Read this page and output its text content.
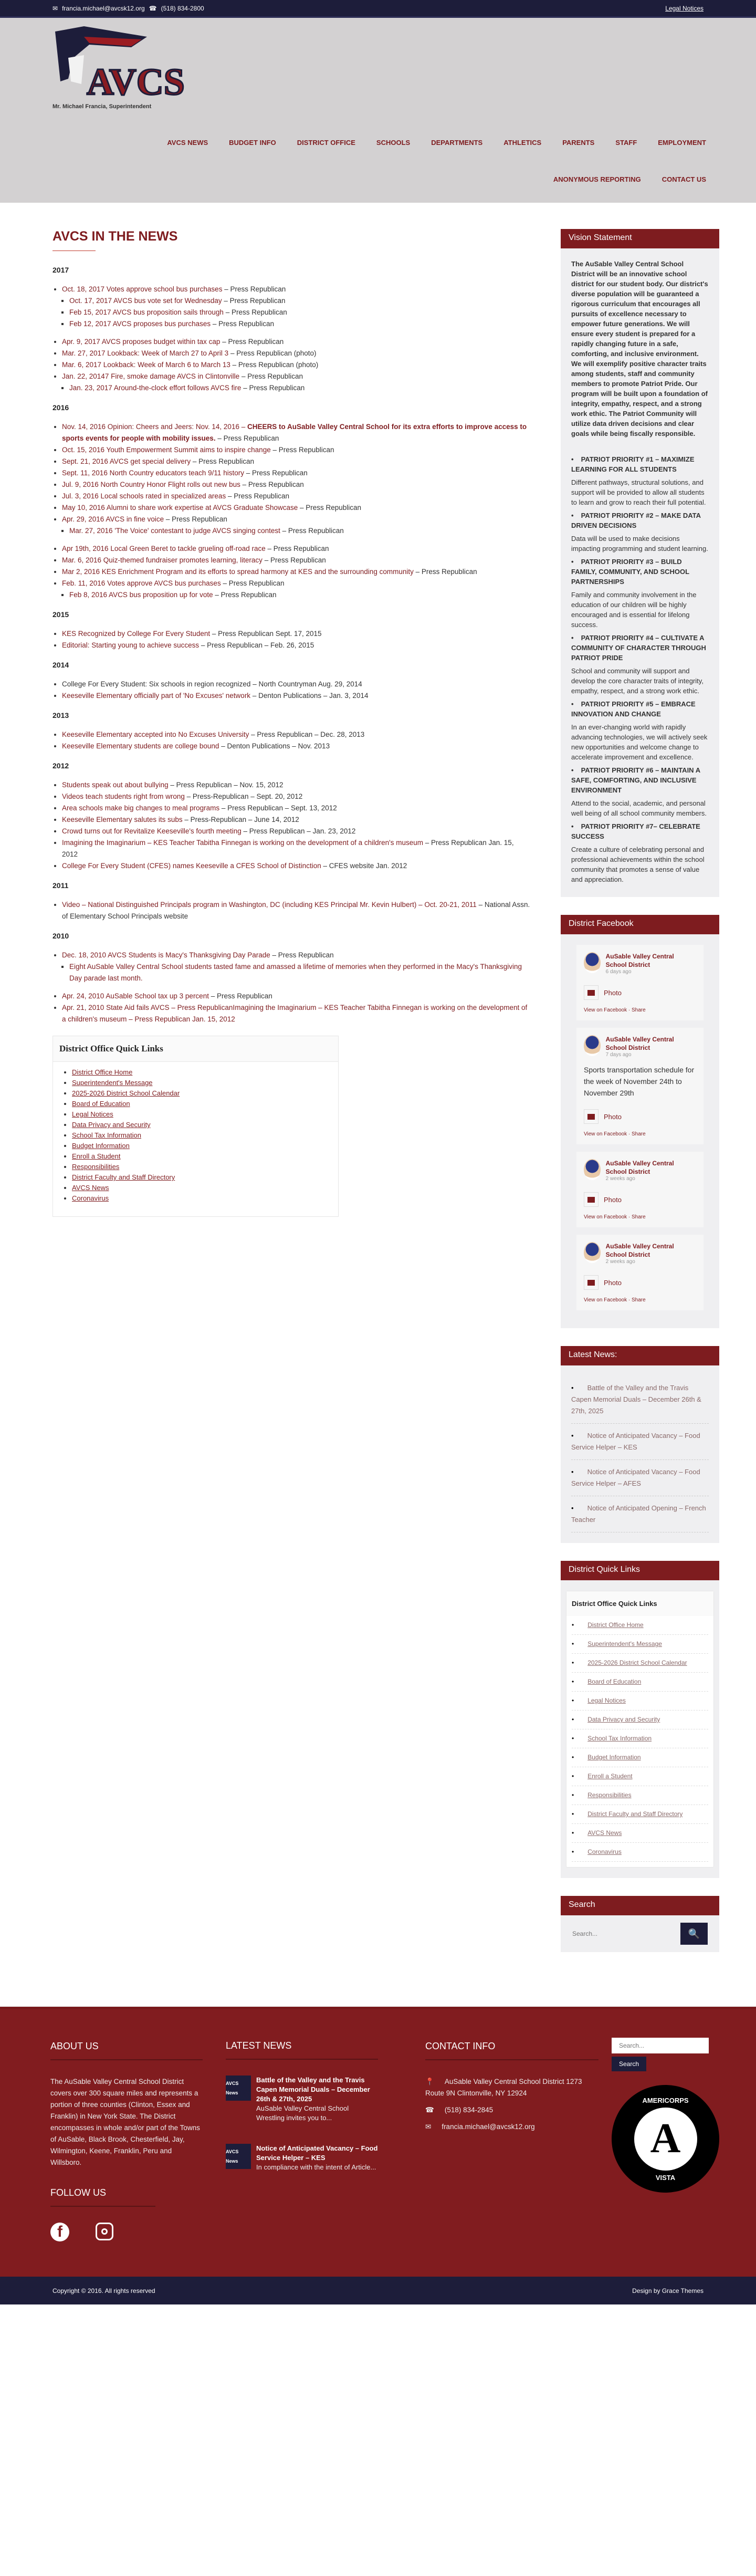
✉ francia.michael@avcsk12.org ☎ (518) 834-2800	Legal Notices
AVCS
Mr. Michael Francia, Superintendent
AVCS NEWS	BUDGET INFO	DISTRICT OFFICE	SCHOOLS	DEPARTMENTS	ATHLETICS	PARENTS	STAFF	EMPLOYMENT
ANONYMOUS REPORTING	CONTACT US
AVCS IN THE NEWS
2017
• Oct. 18, 2017 Votes approve school bus purchases – Press Republican
▪ Oct. 17, 2017 AVCS bus vote set for Wednesday – Press Republican
▪ Feb 15, 2017 AVCS bus proposition sails through – Press Republican
▪ Feb 12, 2017 AVCS proposes bus purchases – Press Republican
• Apr. 9, 2017 AVCS proposes budget within tax cap – Press Republican
• Mar. 27, 2017 Lookback: Week of March 27 to April 3 – Press Republican (photo)
• Mar. 6, 2017 Lookback: Week of March 6 to March 13 – Press Republican (photo)
• Jan. 22, 20147 Fire, smoke damage AVCS in Clintonville – Press Republican
▪ Jan. 23, 2017 Around-the-clock effort follows AVCS fire – Press Republican
2016
• Nov. 14, 2016 Opinion: Cheers and Jeers: Nov. 14, 2016 – CHEERS to AuSable Valley Central School for its extra efforts to improve access to sports events for people with mobility issues. – Press Republican
• Oct. 15, 2016 Youth Empowerment Summit aims to inspire change – Press Republican
• Sept. 21, 2016 AVCS get special delivery – Press Republican
• Sept. 11, 2016 North Country educators teach 9/11 history – Press Republican
• Jul. 9, 2016 North Country Honor Flight rolls out new bus – Press Republican
• Jul. 3, 2016 Local schools rated in specialized areas – Press Republican
• May 10, 2016 Alumni to share work expertise at AVCS Graduate Showcase – Press Republican
• Apr. 29, 2016 AVCS in fine voice – Press Republican
▪ Mar. 27, 2016 'The Voice' contestant to judge AVCS singing contest – Press Republican
• Apr 19th, 2016 Local Green Beret to tackle grueling off-road race – Press Republican
• Mar. 6, 2016 Quiz-themed fundraiser promotes learning, literacy – Press Republican
• Mar 2, 2016 KES Enrichment Program and its efforts to spread harmony at KES and the surrounding community – Press Republican
• Feb. 11, 2016 Votes approve AVCS bus purchases – Press Republican
▪ Feb 8, 2016 AVCS bus proposition up for vote – Press Republican
2015
• KES Recognized by College For Every Student – Press Republican Sept. 17, 2015
• Editorial: Starting young to achieve success – Press Republican – Feb. 26, 2015
2014
• College For Every Student: Six schools in region recognized – North Countryman Aug. 29, 2014
• Keeseville Elementary officially part of 'No Excuses' network – Denton Publications – Jan. 3, 2014
2013
• Keeseville Elementary accepted into No Excuses University – Press Republican – Dec. 28, 2013
• Keeseville Elementary students are college bound – Denton Publications – Nov. 2013
2012
• Students speak out about bullying – Press Republican – Nov. 15, 2012
• Videos teach students right from wrong – Press-Republican – Sept. 20, 2012
• Area schools make big changes to meal programs – Press Republican – Sept. 13, 2012
• Keeseville Elementary salutes its subs – Press-Republican – June 14, 2012
• Crowd turns out for Revitalize Keeseville's fourth meeting – Press Republican – Jan. 23, 2012
• Imagining the Imaginarium – KES Teacher Tabitha Finnegan is working on the development of a children's museum – Press Republican Jan. 15, 2012
• College For Every Student (CFES) names Keeseville a CFES School of Distinction – CFES website Jan. 2012
2011
• Video – National Distinguished Principals program in Washington, DC (including KES Principal Mr. Kevin Hulbert) – Oct. 20-21, 2011 – National Assn. of Elementary School Principals website
2010
• Dec. 18, 2010 AVCS Students is Macy's Thanksgiving Day Parade – Press Republican
▪ Eight AuSable Valley Central School students tasted fame and amassed a lifetime of memories when they performed in the Macy's Thanksgiving Day parade last month.
• Apr. 24, 2010 AuSable School tax up 3 percent – Press Republican
• Apr. 21, 2010 State Aid fails AVCS – Press RepublicanImagining the Imaginarium – KES Teacher Tabitha Finnegan is working on the development of a children's museum – Press Republican Jan. 15, 2012
District Office Quick Links
• District Office Home
• Superintendent's Message
• 2025-2026 District School Calendar
• Board of Education
• Legal Notices
• Data Privacy and Security
• School Tax Information
• Budget Information
• Enroll a Student
• Responsibilities
• District Faculty and Staff Directory
• AVCS News
• Coronavirus
Vision Statement
The AuSable Valley Central School District will be an innovative school district for our student body. Our district's diverse population will be guaranteed a rigorous curriculum that encourages all pursuits of excellence necessary to empower future generations. We will ensure every student is prepared for a rapidly changing future in a safe, comforting, and inclusive environment. We will exemplify positive character traits among students, staff and community members to promote Patriot Pride. Our program will be built upon a foundation of integrity, empathy, respect, and a strong work ethic. The Patriot Community will utilize data driven decisions and clear goals while being fiscally responsible.
• PATRIOT PRIORITY #1 – MAXIMIZE LEARNING FOR ALL STUDENTS

Different pathways, structural solutions, and support will be provided to allow all students to learn and grow to reach their full potential.

• PATRIOT PRIORITY #2 – MAKE DATA DRIVEN DECISIONS

Data will be used to make decisions impacting programming and student learning.

• PATRIOT PRIORITY #3 – BUILD FAMILY, COMMUNITY, AND SCHOOL PARTNERSHIPS

Family and community involvement in the education of our children will be highly encouraged and is essential for lifelong success.

• PATRIOT PRIORITY #4 – CULTIVATE A COMMUNITY OF CHARACTER THROUGH PATRIOT PRIDE

School and community will support and develop the core character traits of integrity, empathy, respect, and a strong work ethic.

• PATRIOT PRIORITY #5 – EMBRACE INNOVATION AND CHANGE

In an ever-changing world with rapidly advancing technologies, we will actively seek new opportunities and welcome change to accelerate improvement and excellence.

• PATRIOT PRIORITY #6 – MAINTAIN A SAFE, COMFORTING, AND INCLUSIVE ENVIRONMENT

Attend to the social, academic, and personal well being of all school community members.

• PATRIOT PRIORITY #7– CELEBRATE SUCCESS

Create a culture of celebrating personal and professional achievements within the school community that promotes a sense of value and appreciation.

District Facebook
AuSable Valley Central School District
6 days ago
Photo
View on Facebook · Share
AuSable Valley Central School District
7 days ago
Sports transportation schedule for the week of November 24th to November 29th
Photo
View on Facebook · Share
AuSable Valley Central School District
2 weeks ago
Photo
View on Facebook · Share
AuSable Valley Central School District
2 weeks ago
Photo
View on Facebook · Share
Latest News:
• Battle of the Valley and the Travis Capen Memorial Duals – December 26th & 27th, 2025
• Notice of Anticipated Vacancy – Food Service Helper – KES
• Notice of Anticipated Vacancy – Food Service Helper – AFES
• Notice of Anticipated Opening – French Teacher
District Quick Links
District Office Quick Links
• District Office Home
• Superintendent's Message
• 2025-2026 District School Calendar
• Board of Education
• Legal Notices
• Data Privacy and Security
• School Tax Information
• Budget Information
• Enroll a Student
• Responsibilities
• District Faculty and Staff Directory
• AVCS News
• Coronavirus
Search
Search...
🔍
ABOUT US

The AuSable Valley Central School District covers over 300 square miles and represents a portion of three counties (Clinton, Essex and Franklin) in New York State. The District encompasses in whole and/or part of the Towns of AuSable, Black Brook, Chesterfield, Jay, Wilmington, Keene, Franklin, Peru and Willsboro.

LATEST NEWS
AVCS News
Battle of the Valley and the Travis Capen Memorial Duals – December 26th & 27th, 2025
AuSable Valley Central School Wrestling invites you to...
AVCS News
Notice of Anticipated Vacancy – Food Service Helper – KES
In compliance with the intent of Article...
CONTACT INFO
📍 AuSable Valley Central School District 1273 Route 9N Clintonville, NY 12924
☎ (518) 834-2845
✉ francia.michael@avcsk12.org
Search...
Search
AMERICORPS
A
VISTA
FOLLOW US
f
Copyright © 2016. All rights reserved	Design by Grace Themes
